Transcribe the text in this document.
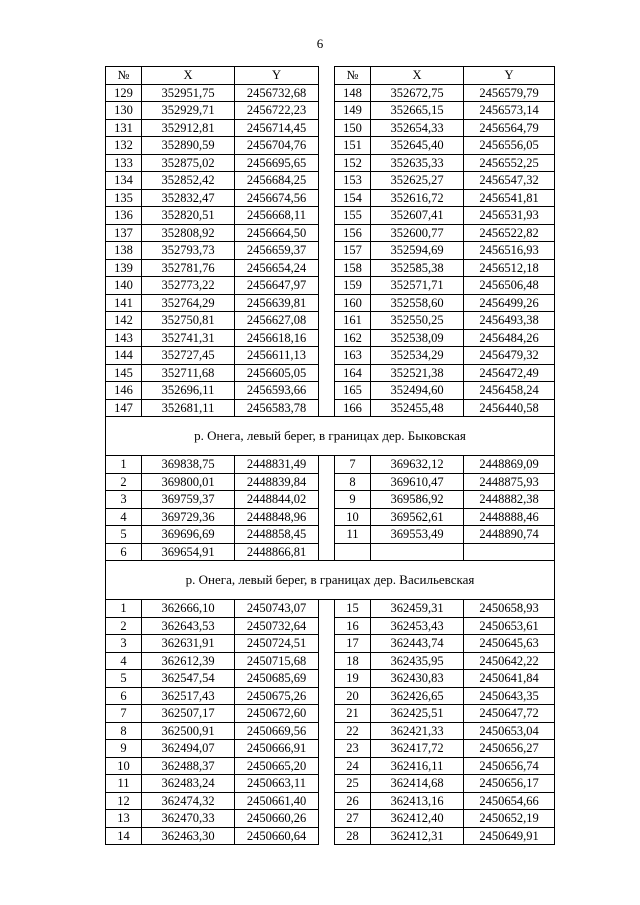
6
№	X	Y		№	X	Y
129	352951,75	2456732,68		148	352672,75	2456579,79
130	352929,71	2456722,23		149	352665,15	2456573,14
131	352912,81	2456714,45		150	352654,33	2456564,79
132	352890,59	2456704,76		151	352645,40	2456556,05
133	352875,02	2456695,65		152	352635,33	2456552,25
134	352852,42	2456684,25		153	352625,27	2456547,32
135	352832,47	2456674,56		154	352616,72	2456541,81
136	352820,51	2456668,11		155	352607,41	2456531,93
137	352808,92	2456664,50		156	352600,77	2456522,82
138	352793,73	2456659,37		157	352594,69	2456516,93
139	352781,76	2456654,24		158	352585,38	2456512,18
140	352773,22	2456647,97		159	352571,71	2456506,48
141	352764,29	2456639,81		160	352558,60	2456499,26
142	352750,81	2456627,08		161	352550,25	2456493,38
143	352741,31	2456618,16		162	352538,09	2456484,26
144	352727,45	2456611,13		163	352534,29	2456479,32
145	352711,68	2456605,05		164	352521,38	2456472,49
146	352696,11	2456593,66		165	352494,60	2456458,24
147	352681,11	2456583,78		166	352455,48	2456440,58
р. Онега, левый берег, в границах дер. Быковская						
1	369838,75	2448831,49		7	369632,12	2448869,09
2	369800,01	2448839,84		8	369610,47	2448875,93
3	369759,37	2448844,02		9	369586,92	2448882,38
4	369729,36	2448848,96		10	369562,61	2448888,46
5	369696,69	2448858,45		11	369553,49	2448890,74
6	369654,91	2448866,81				
р. Онега, левый берег, в границах дер. Васильевская						
1	362666,10	2450743,07		15	362459,31	2450658,93
2	362643,53	2450732,64		16	362453,43	2450653,61
3	362631,91	2450724,51		17	362443,74	2450645,63
4	362612,39	2450715,68		18	362435,95	2450642,22
5	362547,54	2450685,69		19	362430,83	2450641,84
6	362517,43	2450675,26		20	362426,65	2450643,35
7	362507,17	2450672,60		21	362425,51	2450647,72
8	362500,91	2450669,56		22	362421,33	2450653,04
9	362494,07	2450666,91		23	362417,72	2450656,27
10	362488,37	2450665,20		24	362416,11	2450656,74
11	362483,24	2450663,11		25	362414,68	2450656,17
12	362474,32	2450661,40		26	362413,16	2450654,66
13	362470,33	2450660,26		27	362412,40	2450652,19
14	362463,30	2450660,64		28	362412,31	2450649,91
